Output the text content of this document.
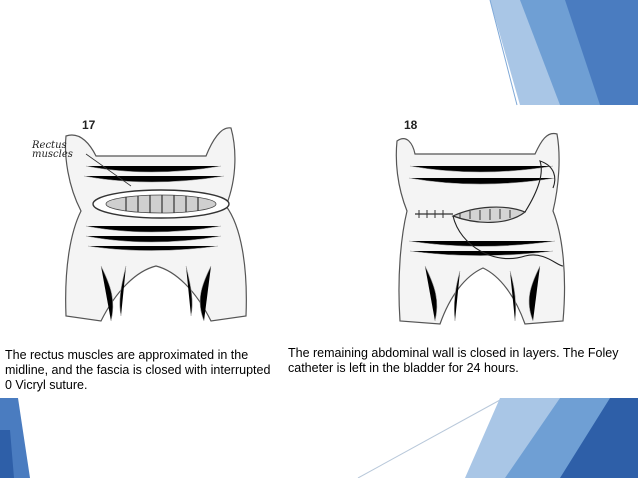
17	18
Rectus muscles
The rectus muscles are approximated in the midline, and the fascia is closed with interrupted 0 Vicryl suture.
The remaining abdominal wall is closed in layers. The Foley catheter is left in the bladder for 24 hours.
